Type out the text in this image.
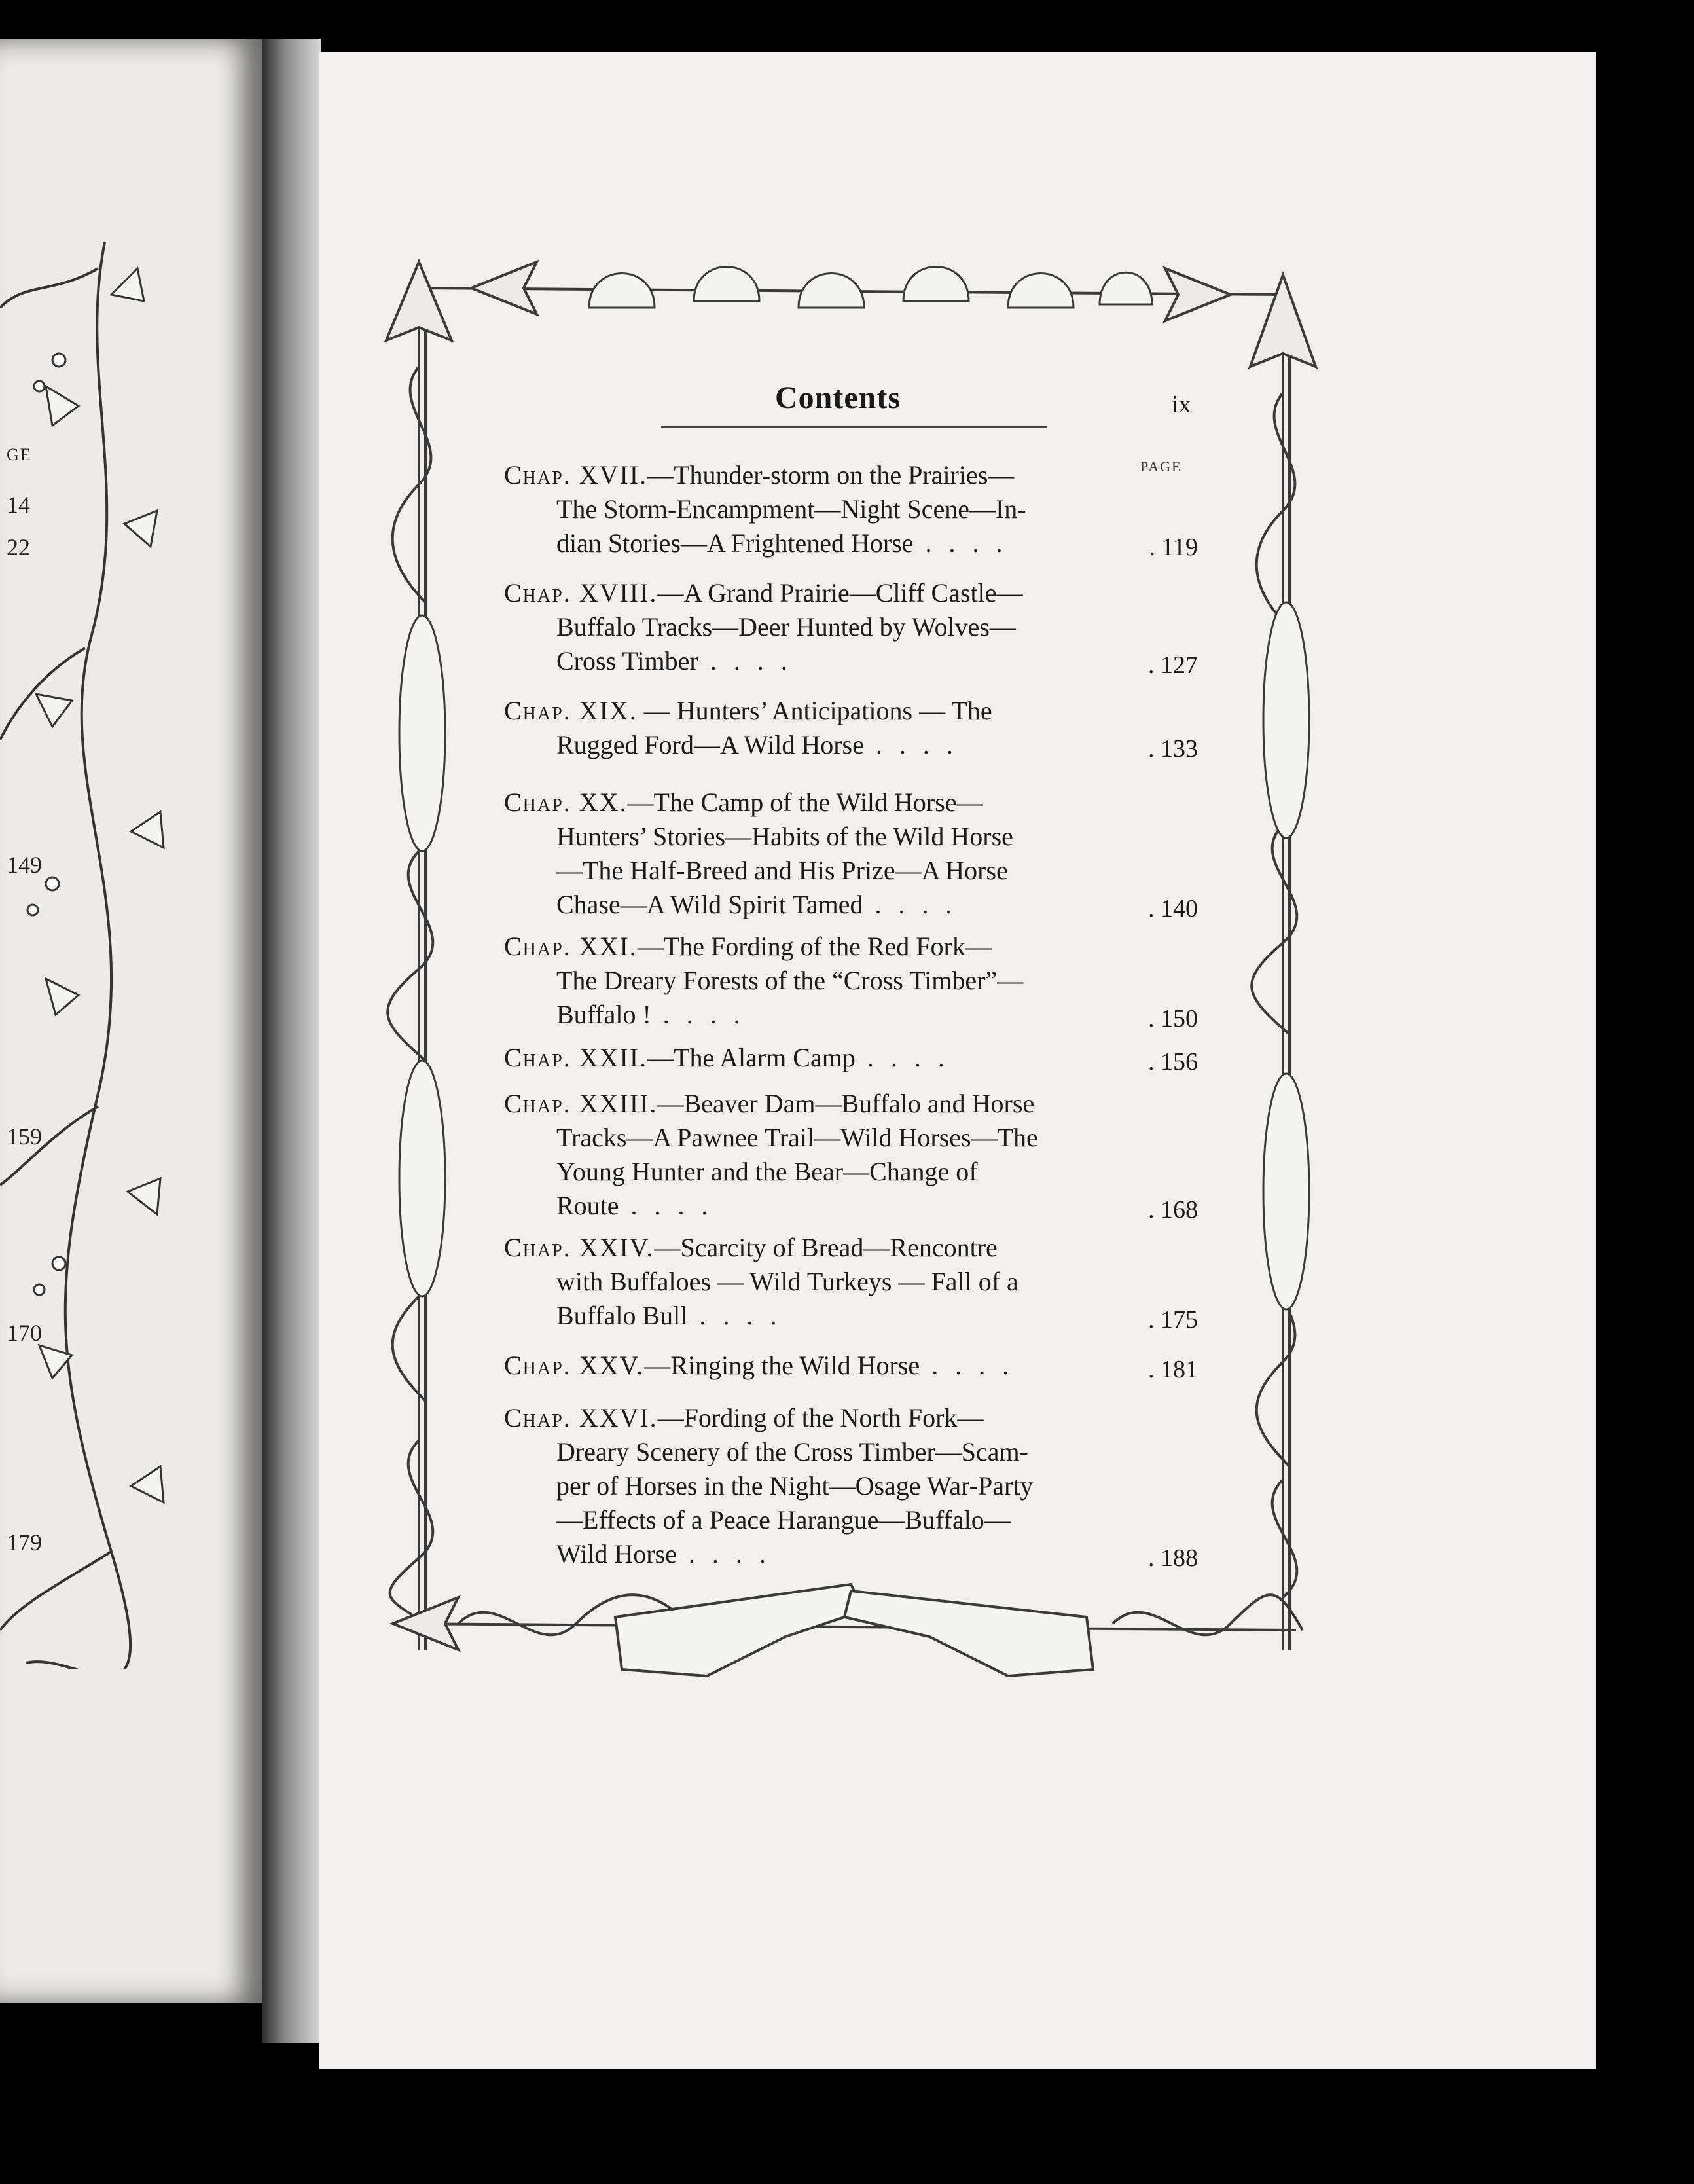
GE
14
22
149
159
170
179
Contents	ix
PAGE
Chap. XVII.—Thunder-storm on the Prairies—
The Storm-Encampment—Night Scene—In-
dian Stories—A Frightened Horse . . . .	. 119
Chap. XVIII.—A Grand Prairie—Cliff Castle—
Buffalo Tracks—Deer Hunted by Wolves—
Cross Timber . . . .	. 127
Chap. XIX. — Hunters’ Anticipations — The
Rugged Ford—A Wild Horse . . . .	. 133
Chap. XX.—The Camp of the Wild Horse—
Hunters’ Stories—Habits of the Wild Horse
—The Half-Breed and His Prize—A Horse
Chase—A Wild Spirit Tamed . . . .	. 140
Chap. XXI.—The Fording of the Red Fork—
The Dreary Forests of the “Cross Timber”—
Buffalo ! . . . .	. 150
Chap. XXII.—The Alarm Camp . . . .	. 156
Chap. XXIII.—Beaver Dam—Buffalo and Horse
Tracks—A Pawnee Trail—Wild Horses—The
Young Hunter and the Bear—Change of
Route . . . .	. 168
Chap. XXIV.—Scarcity of Bread—Rencontre
with Buffaloes — Wild Turkeys — Fall of a
Buffalo Bull . . . .	. 175
Chap. XXV.—Ringing the Wild Horse . . . .	. 181
Chap. XXVI.—Fording of the North Fork—
Dreary Scenery of the Cross Timber—Scam-
per of Horses in the Night—Osage War-Party
—Effects of a Peace Harangue—Buffalo—
Wild Horse . . . .	. 188
